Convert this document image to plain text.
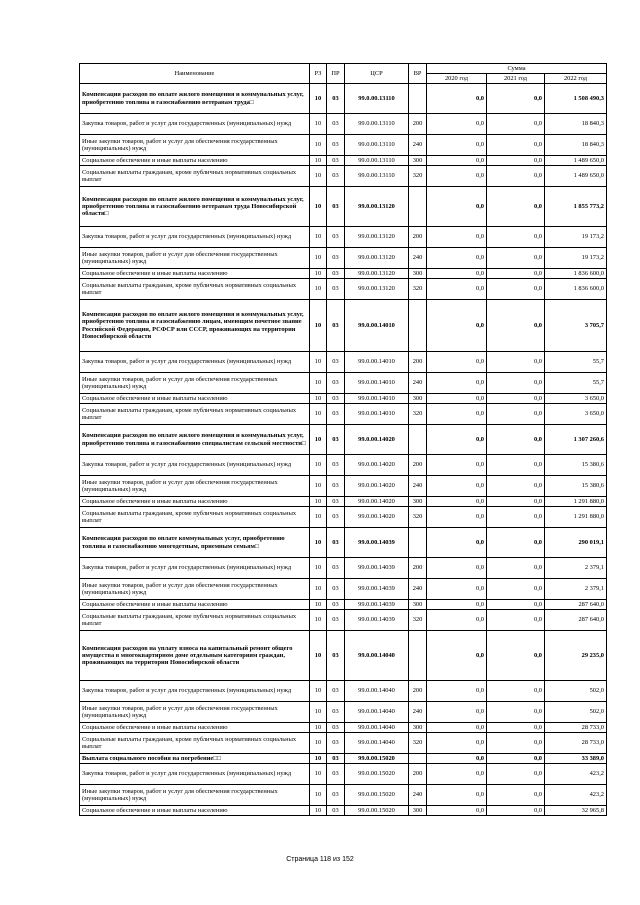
Наименование	РЗ	ПР	ЦСР	ВР	Сумма		
					2020 год	2021 год	2022 год
Компенсация расходов по оплате жилого помещения и коммунальных услуг, приобретению топлива и газоснабжению ветеранам труда□	10	03	99.0.00.13110		0,0	0,0	1 508 490,3
Закупка товаров, работ и услуг для государственных (муниципальных) нужд	10	03	99.0.00.13110	200	0,0	0,0	18 840,3
Иные закупки товаров, работ и услуг для обеспечения государственных (муниципальных) нужд	10	03	99.0.00.13110	240	0,0	0,0	18 840,3
Социальное обеспечение и иные выплаты населению	10	03	99.0.00.13110	300	0,0	0,0	1 489 650,0
Социальные выплаты гражданам, кроме публичных нормативных социальных выплат	10	03	99.0.00.13110	320	0,0	0,0	1 489 650,0
Компенсация расходов по оплате жилого помещения и коммунальных услуг, приобретению топлива и газоснабжению ветеранам труда Новосибирской области□	10	03	99.0.00.13120		0,0	0,0	1 855 773,2
Закупка товаров, работ и услуг для государственных (муниципальных) нужд	10	03	99.0.00.13120	200	0,0	0,0	19 173,2
Иные закупки товаров, работ и услуг для обеспечения государственных (муниципальных) нужд	10	03	99.0.00.13120	240	0,0	0,0	19 173,2
Социальное обеспечение и иные выплаты населению	10	03	99.0.00.13120	300	0,0	0,0	1 836 600,0
Социальные выплаты гражданам, кроме публичных нормативных социальных выплат	10	03	99.0.00.13120	320	0,0	0,0	1 836 600,0
Компенсация расходов по оплате жилого помещения и коммунальных услуг, приобретению топлива и газоснабжению лицам, имеющим почетное звание Российской Федерации, РСФСР или СССР, проживающих на территории Новосибирской области	10	03	99.0.00.14010		0,0	0,0	3 705,7
Закупка товаров, работ и услуг для государственных (муниципальных) нужд	10	03	99.0.00.14010	200	0,0	0,0	55,7
Иные закупки товаров, работ и услуг для обеспечения государственных (муниципальных) нужд	10	03	99.0.00.14010	240	0,0	0,0	55,7
Социальное обеспечение и иные выплаты населению	10	03	99.0.00.14010	300	0,0	0,0	3 650,0
Социальные выплаты гражданам, кроме публичных нормативных социальных выплат	10	03	99.0.00.14010	320	0,0	0,0	3 650,0
Компенсация расходов по оплате жилого помещения и коммунальных услуг, приобретению топлива и газоснабжению специалистам сельской местности□	10	03	99.0.00.14020		0,0	0,0	1 307 260,6
Закупка товаров, работ и услуг для государственных (муниципальных) нужд	10	03	99.0.00.14020	200	0,0	0,0	15 380,6
Иные закупки товаров, работ и услуг для обеспечения государственных (муниципальных) нужд	10	03	99.0.00.14020	240	0,0	0,0	15 380,6
Социальное обеспечение и иные выплаты населению	10	03	99.0.00.14020	300	0,0	0,0	1 291 880,0
Социальные выплаты гражданам, кроме публичных нормативных социальных выплат	10	03	99.0.00.14020	320	0,0	0,0	1 291 880,0
Компенсация расходов по оплате коммунальных услуг, приобретению топлива и газоснабжению многодетным, приемным семьям□	10	03	99.0.00.14039		0,0	0,0	290 019,1
Закупка товаров, работ и услуг для государственных (муниципальных) нужд	10	03	99.0.00.14039	200	0,0	0,0	2 379,1
Иные закупки товаров, работ и услуг для обеспечения государственных (муниципальных) нужд	10	03	99.0.00.14039	240	0,0	0,0	2 379,1
Социальное обеспечение и иные выплаты населению	10	03	99.0.00.14039	300	0,0	0,0	287 640,0
Социальные выплаты гражданам, кроме публичных нормативных социальных выплат	10	03	99.0.00.14039	320	0,0	0,0	287 640,0
Компенсация расходов на уплату взноса на капитальный ремонт общего имущества в многоквартирном доме отдельным категориям граждан, проживающих на территории Новосибирской области	10	03	99.0.00.14040		0,0	0,0	29 235,0
Закупка товаров, работ и услуг для государственных (муниципальных) нужд	10	03	99.0.00.14040	200	0,0	0,0	502,0
Иные закупки товаров, работ и услуг для обеспечения государственных (муниципальных) нужд	10	03	99.0.00.14040	240	0,0	0,0	502,0
Социальное обеспечение и иные выплаты населению	10	03	99.0.00.14040	300	0,0	0,0	28 733,0
Социальные выплаты гражданам, кроме публичных нормативных социальных выплат	10	03	99.0.00.14040	320	0,0	0,0	28 733,0
Выплата социального пособия на погребение□□	10	03	99.0.00.15020		0,0	0,0	33 389,0
Закупка товаров, работ и услуг для государственных (муниципальных) нужд	10	03	99.0.00.15020	200	0,0	0,0	423,2
Иные закупки товаров, работ и услуг для обеспечения государственных (муниципальных) нужд	10	03	99.0.00.15020	240	0,0	0,0	423,2
Социальное обеспечение и иные выплаты населению	10	03	99.0.00.15020	300	0,0	0,0	32 965,8
Страница 118 из 152
